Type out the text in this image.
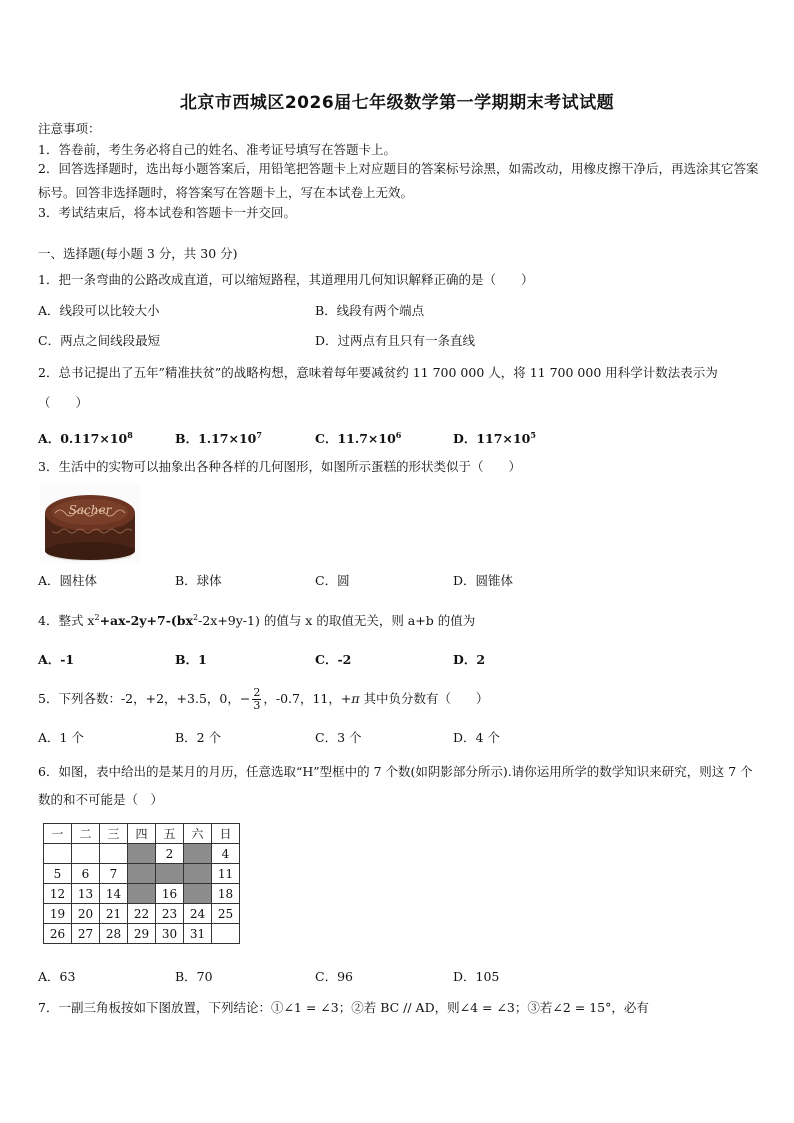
北京市西城区2026届七年级数学第一学期期末考试试题
注意事项：
1．答卷前，考生务必将自己的姓名、准考证号填写在答题卡上。
2．回答选择题时，选出每小题答案后，用铅笔把答题卡上对应题目的答案标号涂黑，如需改动，用橡皮擦干净后，再选涂其它答案标号。回答非选择题时，将答案写在答题卡上，写在本试卷上无效。
3．考试结束后，将本试卷和答题卡一并交回。
一、选择题(每小题 3 分，共 30 分)
1．把一条弯曲的公路改成直道，可以缩短路程，其道理用几何知识解释正确的是（　　）
A．线段可以比较大小	B．线段有两个端点
C．两点之间线段最短	D．过两点有且只有一条直线
2．总书记提出了五年”精准扶贫”的战略构想，意味着每年要减贫约 11 700 000 人，将 11 700 000 用科学计数法表示为
（　　）
A．$0.117\times 10^8$	B．$1.17\times 10^7$	C．$11.7\times 10^6$	D．$117\times 10^5$
3．生活中的实物可以抽象出各种各样的几何图形，如图所示蛋糕的形状类似于（　　）
Sacher
A．圆柱体	B．球体	C．圆	D．圆锥体
4．整式 $x^2+ax-2y+7-(bx^2-2x+9y-1)$ 的值与 x 的取值无关，则 a+b 的值为
A．-1	B．1	C．-2	D．2
5．下列各数：-2，+2，+3.5，0，− $\frac{2}{3}$ ，-0.7，11，+π 其中负分数有（　　）
A．1 个	B．2 个	C．3 个	D．4 个
6．如图，表中给出的是某月的月历，任意选取“H”型框中的 7 个数(如阴影部分所示).请你运用所学的数学知识来研究，则这 7 个数的和不可能是（　）
一	二	三	四	五	六	日
				2		4
5	6	7				11
12	13	14		16		18
19	20	21	22	23	24	25
26	27	28	29	30	31	
A．63	B．70	C．96	D．105
7．一副三角板按如下图放置，下列结论：①∠1 = ∠3；②若 BC // AD，则∠4 = ∠3；③若∠2 = 15°，必有
